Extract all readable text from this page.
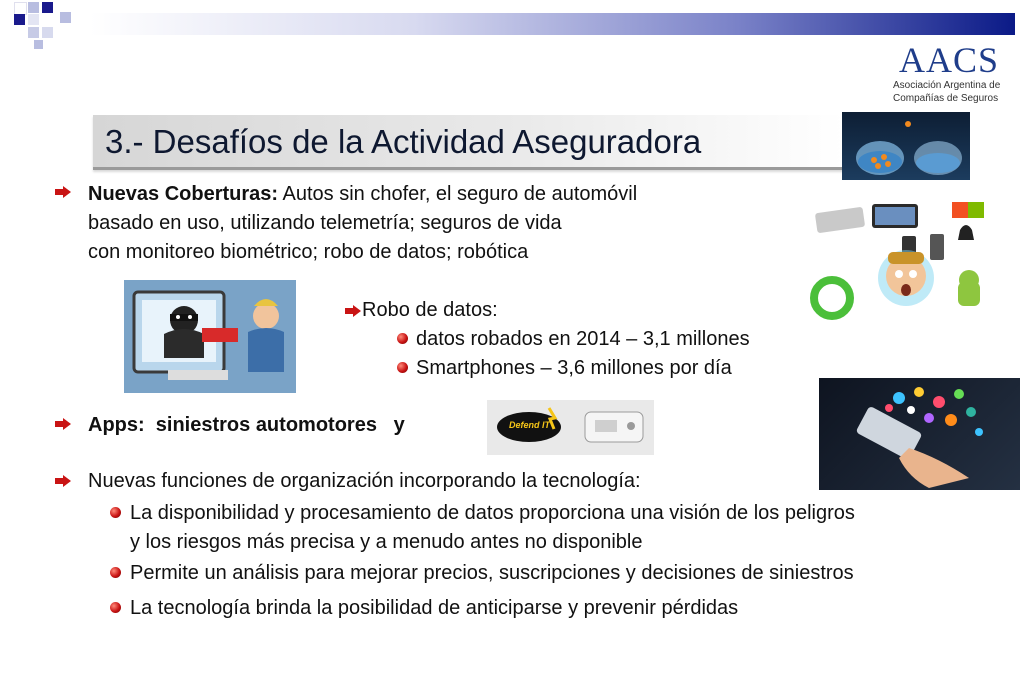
AACS
Asociación Argentina de
Compañías de Seguros
3.- Desafíos de la Actividad Aseguradora
Defend IT
Nuevas Coberturas: Autos sin chofer, el seguro de automóvil
basado en uso, utilizando telemetría; seguros de vida
con monitoreo biométrico; robo de datos; robótica
Robo de datos:
datos robados en 2014 – 3,1 millones
Smartphones – 3,6 millones por día
Apps:  siniestros automotores   y
Nuevas funciones de organización incorporando la tecnología:
La disponibilidad y procesamiento de datos proporciona una visión de los peligros
y los riesgos más precisa y a menudo antes no disponible
Permite un análisis para mejorar precios, suscripciones y decisiones de siniestros
La tecnología brinda la posibilidad de anticiparse y prevenir pérdidas
